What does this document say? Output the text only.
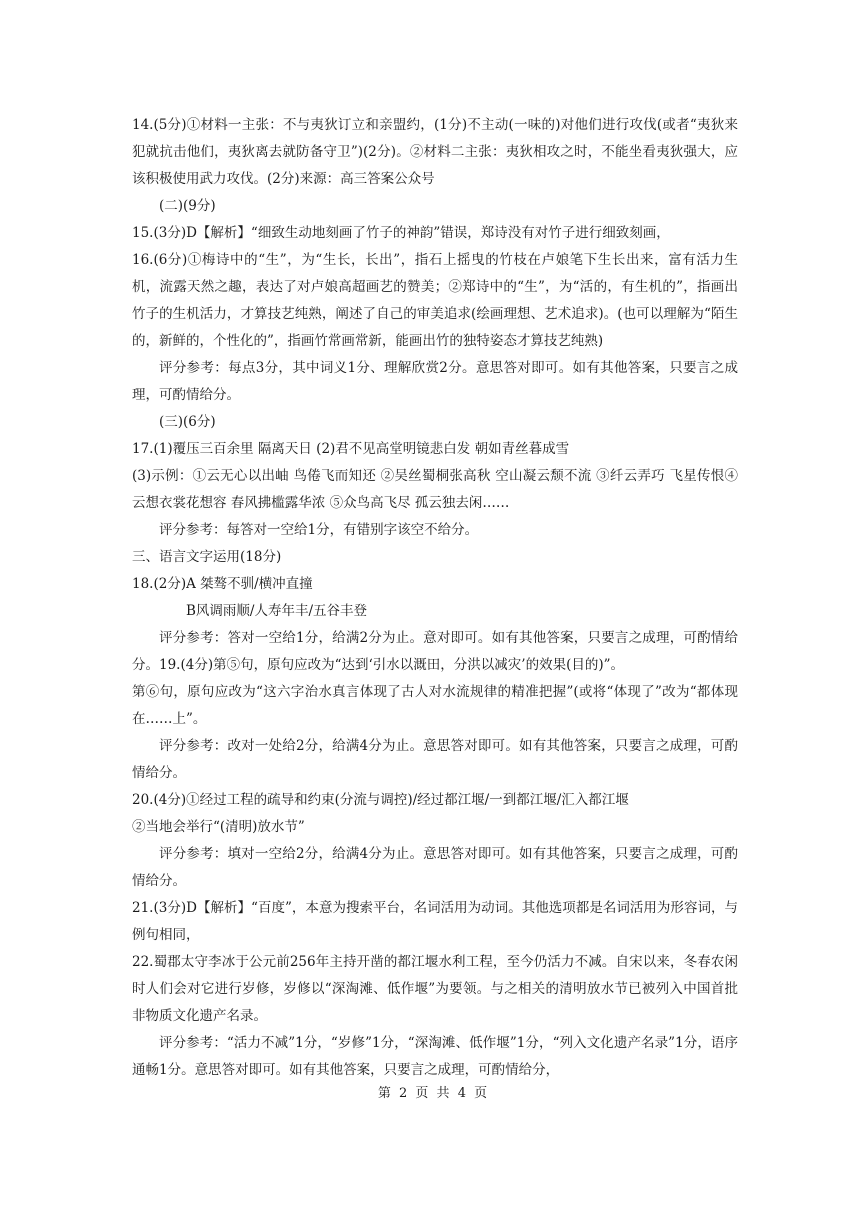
14.(5分)①材料一主张：不与夷狄订立和亲盟约，(1分)不主动(一味的)对他们进行攻伐(或者“夷狄来犯就抗击他们，夷狄离去就防备守卫”)(2分)。②材料二主张：夷狄相攻之时，不能坐看夷狄强大，应该积极使用武力攻伐。(2分)来源：高三答案公众号

(二)(9分)

15.(3分)D【解析】“细致生动地刻画了竹子的神韵”错误，郑诗没有对竹子进行细致刻画，

16.(6分)①梅诗中的“生”，为“生长，长出”，指石上摇曳的竹枝在卢娘笔下生长出来，富有活力生机，流露天然之趣，表达了对卢娘高超画艺的赞美；②郑诗中的“生”，为“活的，有生机的”，指画出竹子的生机活力，才算技艺纯熟，阐述了自己的审美追求(绘画理想、艺术追求)。(也可以理解为“陌生的，新鲜的，个性化的”，指画竹常画常新，能画出竹的独特姿态才算技艺纯熟)

评分参考：每点3分，其中词义1分、理解欣赏2分。意思答对即可。如有其他答案，只要言之成理，可酌情给分。

(三)(6分)

17.(1)覆压三百余里 隔离天日 (2)君不见高堂明镜悲白发 朝如青丝暮成雪

(3)示例：①云无心以出岫 鸟倦飞而知还 ②吴丝蜀桐张高秋 空山凝云颓不流 ③纤云弄巧 飞星传恨④云想衣裳花想容 春风拂槛露华浓 ⑤众鸟高飞尽 孤云独去闲……

评分参考：每答对一空给1分，有错别字该空不给分。

三、语言文字运用(18分)

18.(2分)A 桀骜不驯/横冲直撞

B风调雨顺/人寿年丰/五谷丰登

评分参考：答对一空给1分，给满2分为止。意对即可。如有其他答案，只要言之成理，可酌情给分。19.(4分)第⑤句，原句应改为“达到‘引水以溉田，分洪以减灾’的效果(目的)”。

第⑥句，原句应改为“这六字治水真言体现了古人对水流规律的精准把握”(或将“体现了”改为“都体现在……上”。

评分参考：改对一处给2分，给满4分为止。意思答对即可。如有其他答案，只要言之成理，可酌情给分。

20.(4分)①经过工程的疏导和约束(分流与调控)/经过都江堰/一到都江堰/汇入都江堰

②当地会举行“(清明)放水节”

评分参考：填对一空给2分，给满4分为止。意思答对即可。如有其他答案，只要言之成理，可酌情给分。

21.(3分)D【解析】“百度”，本意为搜索平台，名词活用为动词。其他选项都是名词活用为形容词，与例句相同，

22.蜀郡太守李冰于公元前256年主持开凿的都江堰水利工程，至今仍活力不减。自宋以来，冬春农闲时人们会对它进行岁修，岁修以“深淘滩、低作堰”为要领。与之相关的清明放水节已被列入中国首批非物质文化遗产名录。

评分参考：“活力不减”1分，“岁修”1分，“深淘滩、低作堰”1分，“列入文化遗产名录”1分，语序通畅1分。意思答对即可。如有其他答案，只要言之成理，可酌情给分，

第 2 页 共 4 页
